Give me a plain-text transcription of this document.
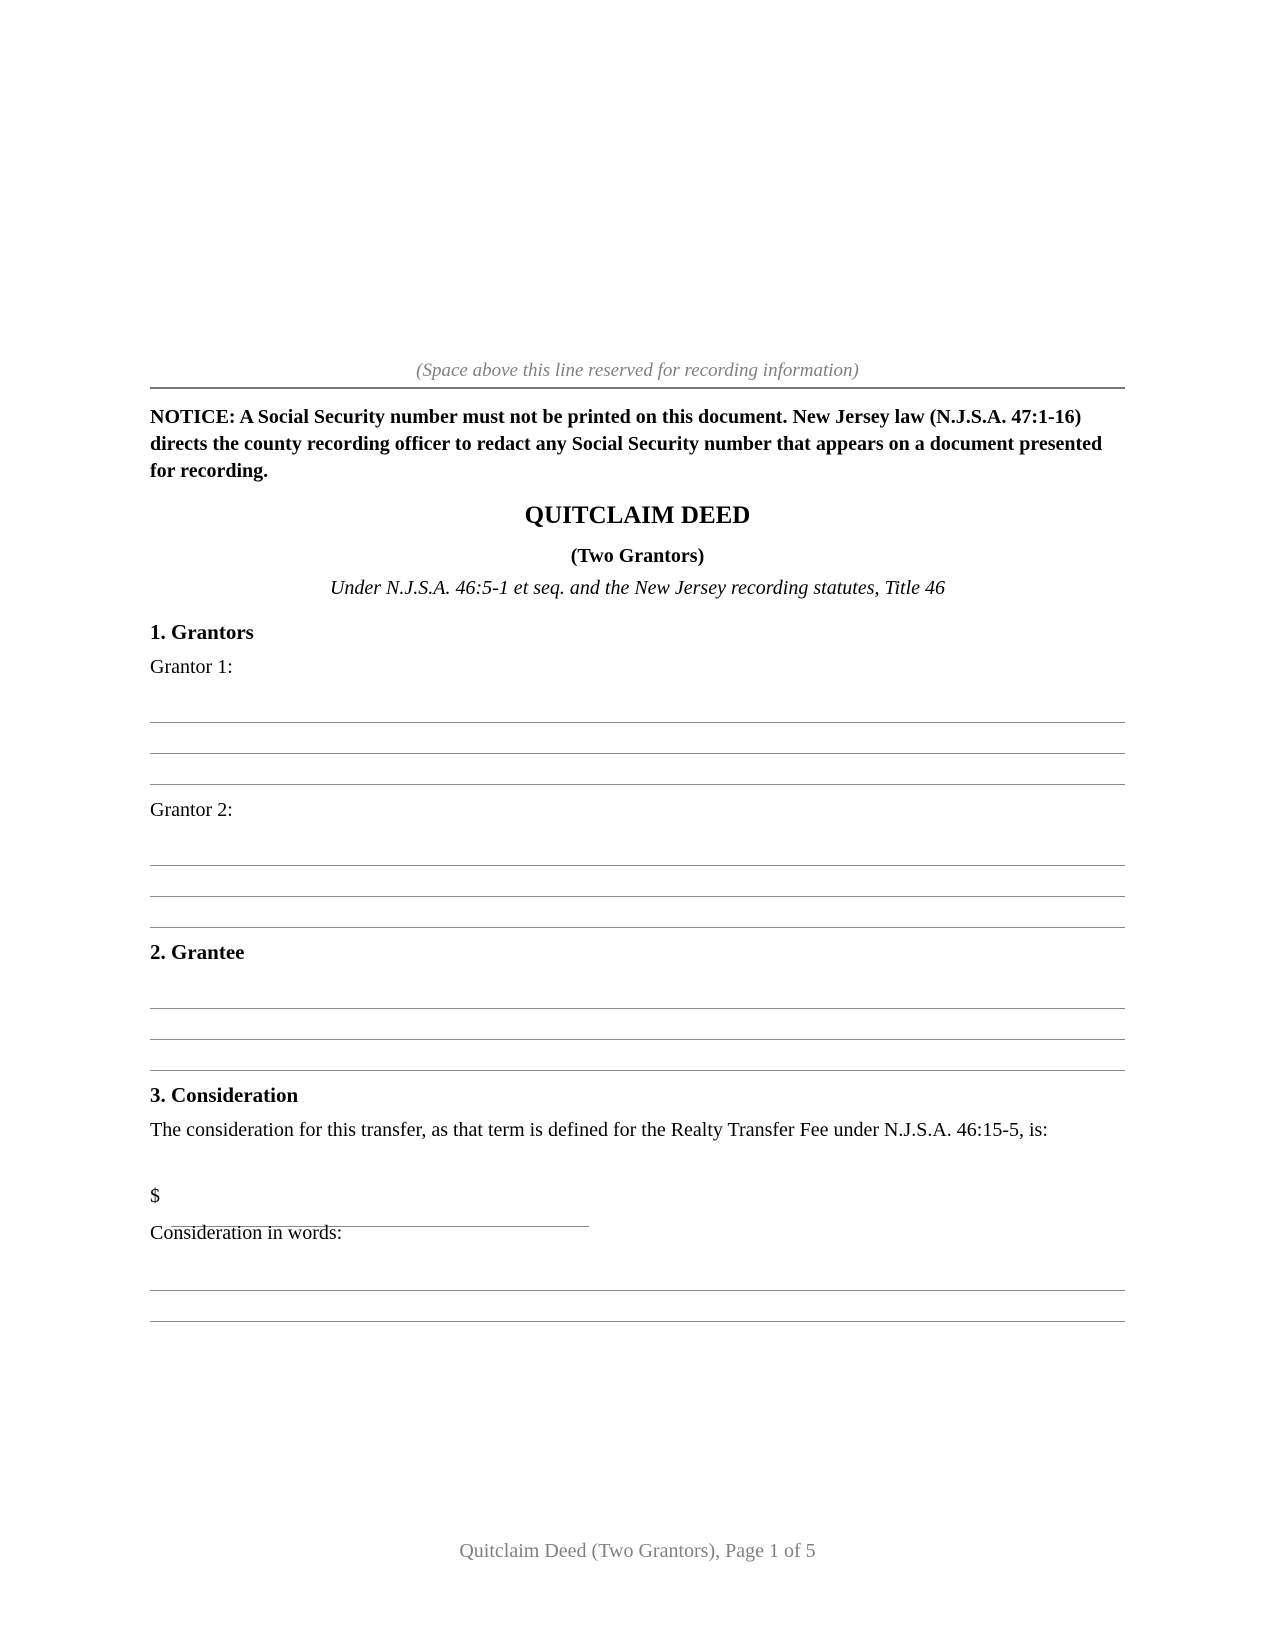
(Space above this line reserved for recording information)
NOTICE: A Social Security number must not be printed on this document. New Jersey law (N.J.S.A. 47:1-16) directs the county recording officer to redact any Social Security number that appears on a document presented for recording.
QUITCLAIM DEED
(Two Grantors)
Under N.J.S.A. 46:5-1 et seq. and the New Jersey recording statutes, Title 46
1. Grantors
Grantor 1:
Grantor 2:
2. Grantee
3. Consideration
The consideration for this transfer, as that term is defined for the Realty Transfer Fee under N.J.S.A. 46:15-5, is:
$
Consideration in words:
Quitclaim Deed (Two Grantors), Page 1 of 5
